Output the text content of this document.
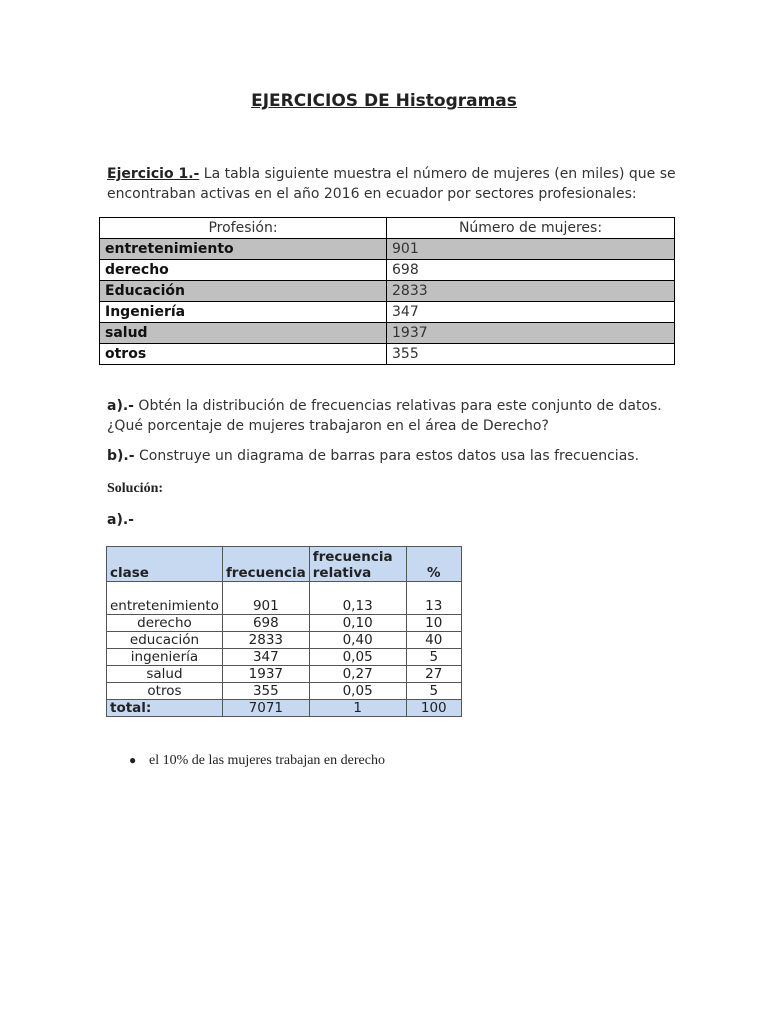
EJERCICIOS DE Histogramas
Ejercicio 1.- La tabla siguiente muestra el número de mujeres (en miles) que se encontraban activas en el año 2016 en ecuador por sectores profesionales:
Profesión:	Número de mujeres:
entretenimiento	901
derecho	698
Educación	2833
Ingeniería	347
salud	1937
otros	355
a).- Obtén la distribución de frecuencias relativas para este conjunto de datos. ¿Qué porcentaje de mujeres trabajaron en el área de Derecho?
b).- Construye un diagrama de barras para estos datos usa las frecuencias.
Solución:
a).-
clase	frecuencia	frecuencia relativa	%
entretenimiento	901	0,13	13
derecho	698	0,10	10
educación	2833	0,40	40
ingeniería	347	0,05	5
salud	1937	0,27	27
otros	355	0,05	5
total:	7071	1	100
● el 10% de las mujeres trabajan en derecho
